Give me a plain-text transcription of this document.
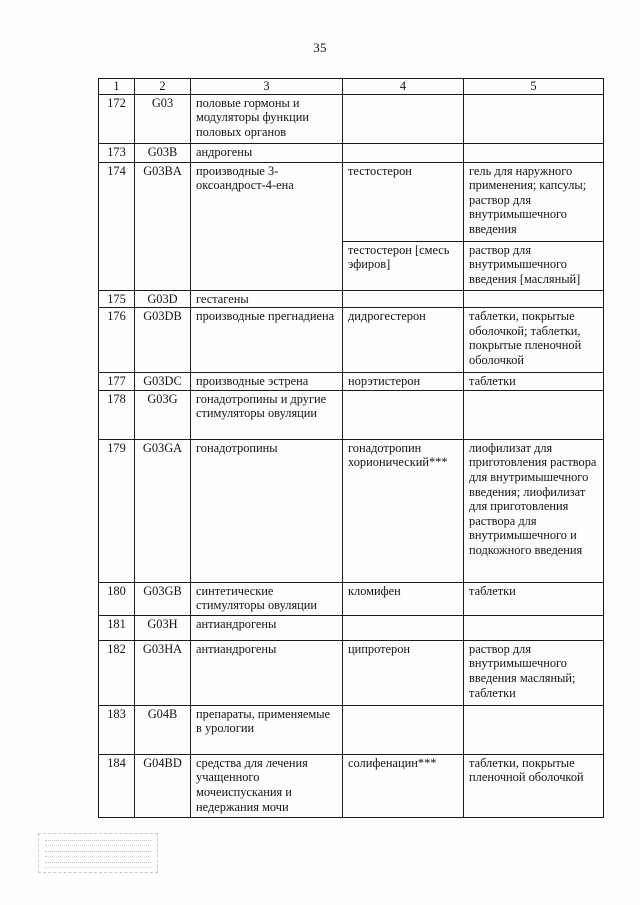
35
1	2	3	4	5
172	G03	половые гормоны и модуляторы функции половых органов		
173	G03B	андрогены		
174	G03BA	производные 3-оксоандрост-4-ена	тестостерон	гель для наружного применения; капсулы; раствор для внутримышечного введения
			тестостерон [смесь эфиров]	раствор для внутримышечного введения [масляный]
175	G03D	гестагены		
176	G03DB	производные прегнадиена	дидрогестерон	таблетки, покрытые оболочкой; таблетки, покрытые пленочной оболочкой
177	G03DC	производные эстрена	норэтистерон	таблетки
178	G03G	гонадотропины и другие стимуляторы овуляции		
179	G03GA	гонадотропины	гонадотропин хорионический***	лиофилизат для приготовления раствора для внутримышечного введения; лиофилизат для приготовления раствора для внутримышечного и подкожного введения
180	G03GB	синтетические стимуляторы овуляции	кломифен	таблетки
181	G03H	антиандрогены		
182	G03HA	антиандрогены	ципротерон	раствор для внутримышечного введения масляный; таблетки
183	G04B	препараты, применяемые в урологии		
184	G04BD	средства для лечения учащенного мочеиспускания и недержания мочи	солифенацин***	таблетки, покрытые пленочной оболочкой
